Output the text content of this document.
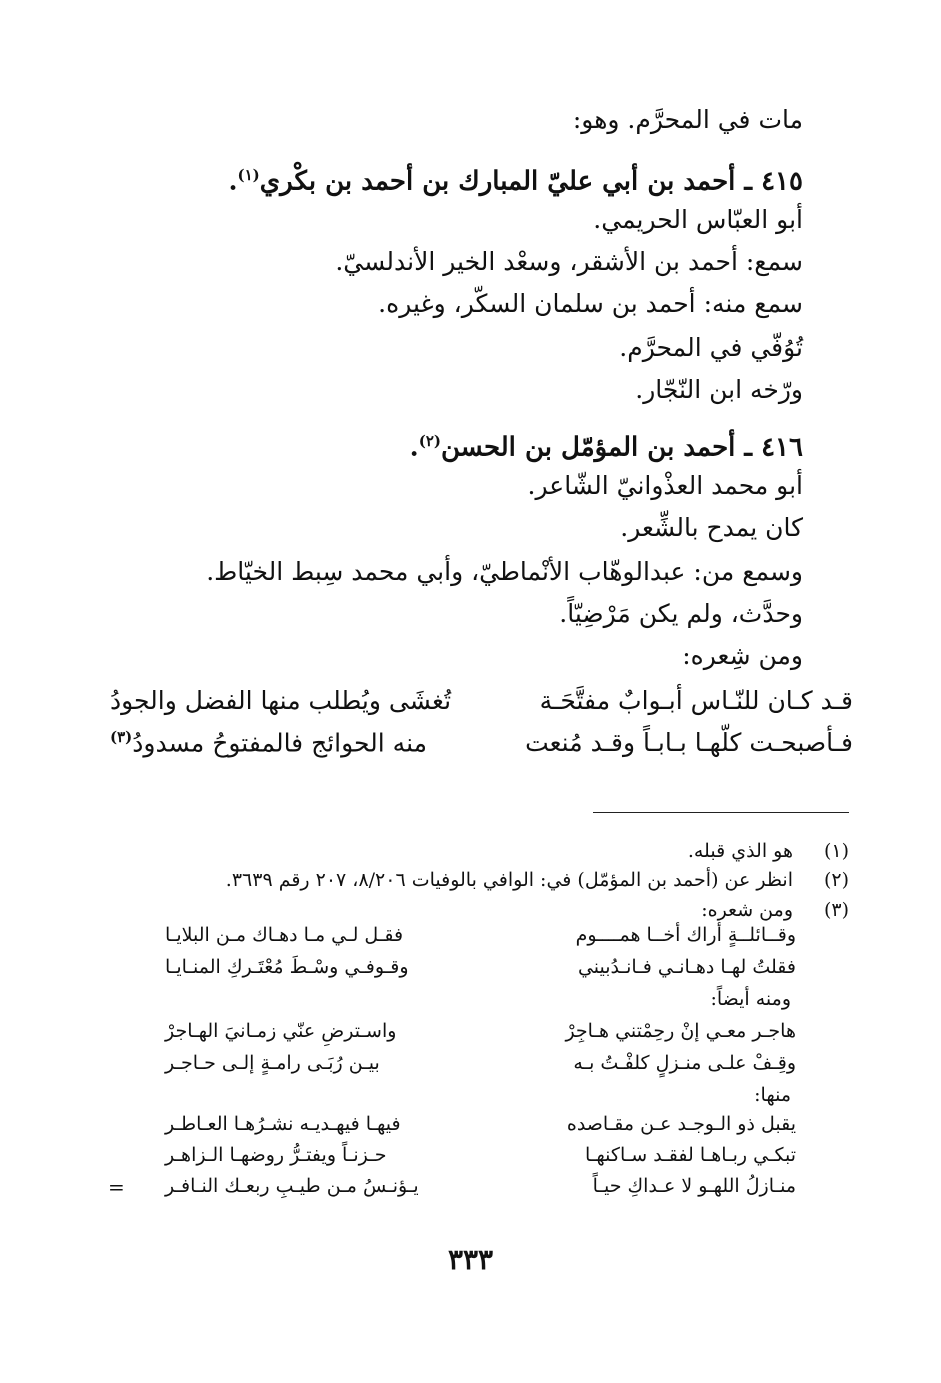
مات في المحرَّم. وهو:
٤١٥ ـ أحمد بن أبي عليّ المبارك بن أحمد بن بكْري$^{(١)}$.
أبو العبّاس الحريمي.
سمع: أحمد بن الأشقر، وسعْد الخير الأندلسيّ.
سمع منه: أحمد بن سلمان السكّر، وغيره.
تُوُفّي في المحرَّم.
ورّخه ابن النّجّار.
٤١٦ ـ أحمد بن المؤمّل بن الحسن$^{(٢)}$.
أبو محمد العذْوانيّ الشّاعر.
كان يمدح بالشِّعر.
وسمع من: عبدالوهّاب الأنْماطيّ، وأبي محمد سِبط الخيّاط.
وحدَّث، ولم يكن مَرْضِيّاً.
ومن شِعره:
قـد كـان للنّـاس أبـوابٌ مفتَّحَـة
تُغشَى ويُطلب منها الفضل والجودُ
فـأصبحـت كلّهـا بـابـاً وقـد مُنعت
منه الحوائج فالمفتوحُ مسدودُ$^{(٣)}$
(١)
هو الذي قبله.
(٢)
انظر عن (أحمد بن المؤمّل) في: الوافي بالوفيات ٨/٢٠٦، ٢٠٧ رقم ٣٦٣٩.
(٣)
ومن شعره:
وقــائلــةٍ أراك أخــا همــــوم
فقـل لـي مـا دهـاك مـن البلايـا
فقلتُ لهـا دهـانـي فـانـدُبيني
وقـوفـي وسْـطَ مُعْتَـركِ المنـايـا
ومنه أيضاً:
هاجـر معـي إنْ رحِمْتني هـاجِرْ
واسـترضِ عنّي زمـانيَ الهـاجرْ
وقِـفْ علـى منـزلٍ كلفْـتُ بـه
بيـن رُبَـى رامـةٍ إلـى حـاجـر
منها:
يقبل ذو الـوجـد عـن مقـاصده
فيهـا فيهـديـه نشـرُهـا العـاطـر
تبكـي ربـاهـا لفقـد سـاكنهـا
حـزنـاً ويفتـرُّ روضهـا الـزاهـر
منـازلُ اللهـو لا عـداكِ حيـاً
يـؤنـسُ مـن طيـبِ ربعـك النـافـر
=
٣٣٣
